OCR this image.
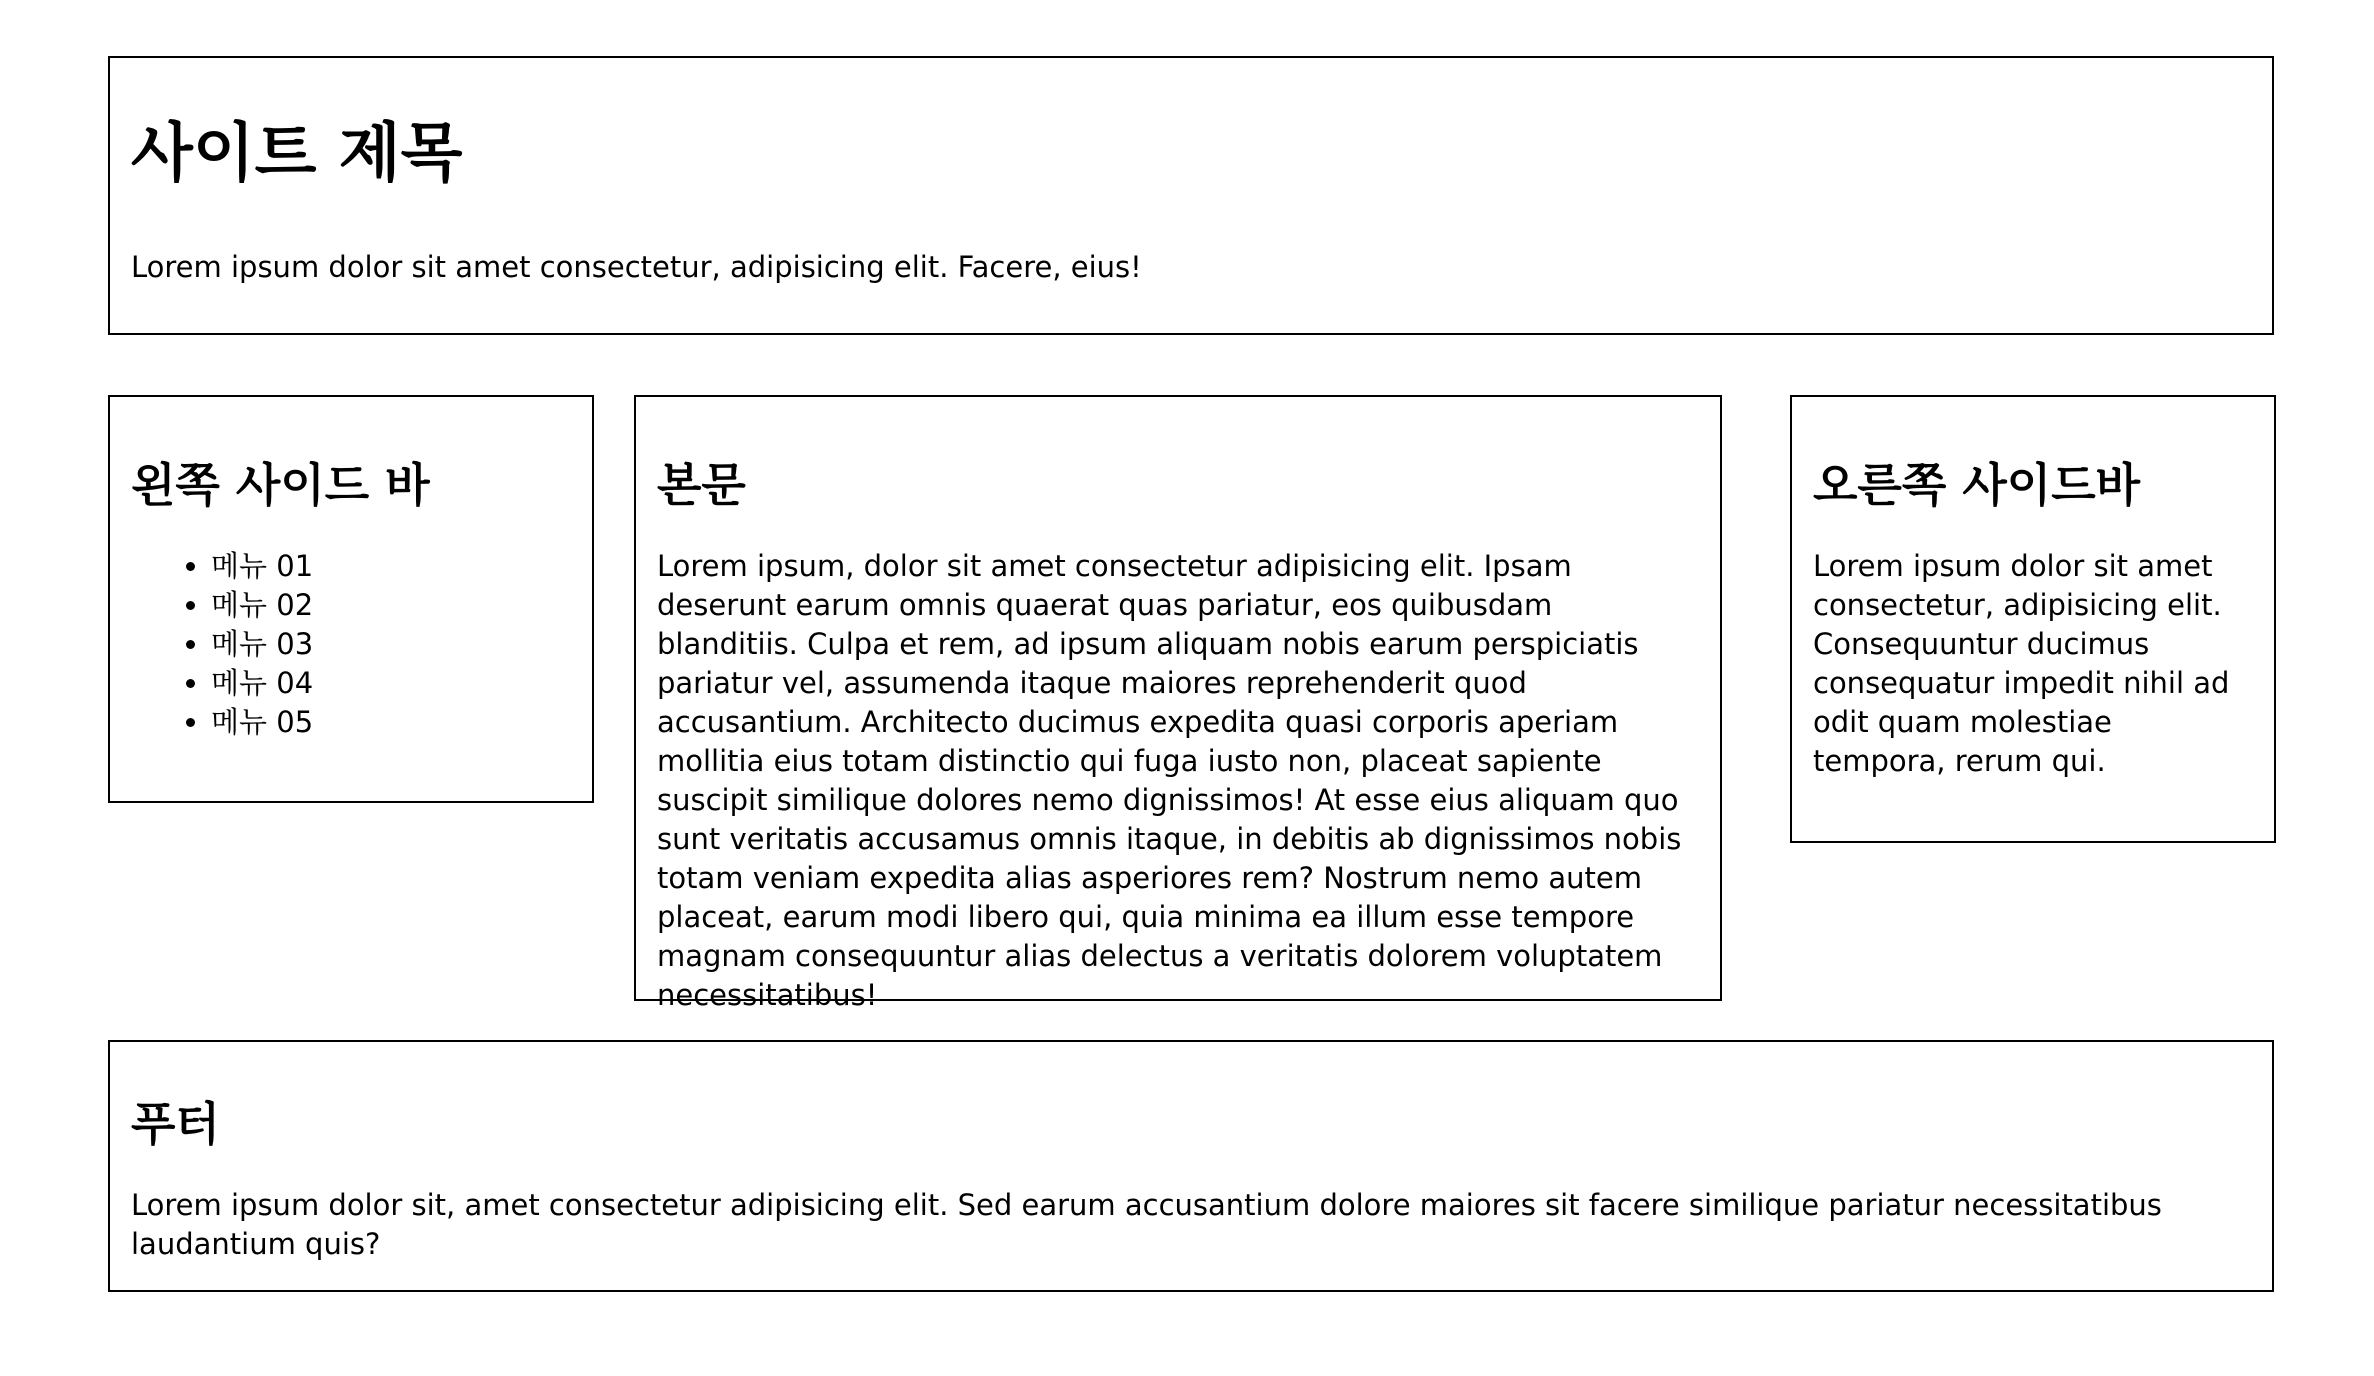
사이트 제목

Lorem ipsum dolor sit amet consectetur, adipisicing elit. Facere, eius!

왼쪽 사이드 바
• 메뉴 01
• 메뉴 02
• 메뉴 03
• 메뉴 04
• 메뉴 05
본문

Lorem ipsum, dolor sit amet consectetur adipisicing elit. Ipsam deserunt earum omnis quaerat quas pariatur, eos quibusdam blanditiis. Culpa et rem, ad ipsum aliquam nobis earum perspiciatis pariatur vel, assumenda itaque maiores reprehenderit quod accusantium. Architecto ducimus expedita quasi corporis aperiam mollitia eius totam distinctio qui fuga iusto non, placeat sapiente suscipit similique dolores nemo dignissimos! At esse eius aliquam quo sunt veritatis accusamus omnis itaque, in debitis ab dignissimos nobis totam veniam expedita alias asperiores rem? Nostrum nemo autem placeat, earum modi libero qui, quia minima ea illum esse tempore magnam consequuntur alias delectus a veritatis dolorem voluptatem necessitatibus!

오른쪽 사이드바

Lorem ipsum dolor sit amet consectetur, adipisicing elit. Consequuntur ducimus consequatur impedit nihil ad odit quam molestiae tempora, rerum qui.

푸터

Lorem ipsum dolor sit, amet consectetur adipisicing elit. Sed earum accusantium dolore maiores sit facere similique pariatur necessitatibus laudantium quis?
